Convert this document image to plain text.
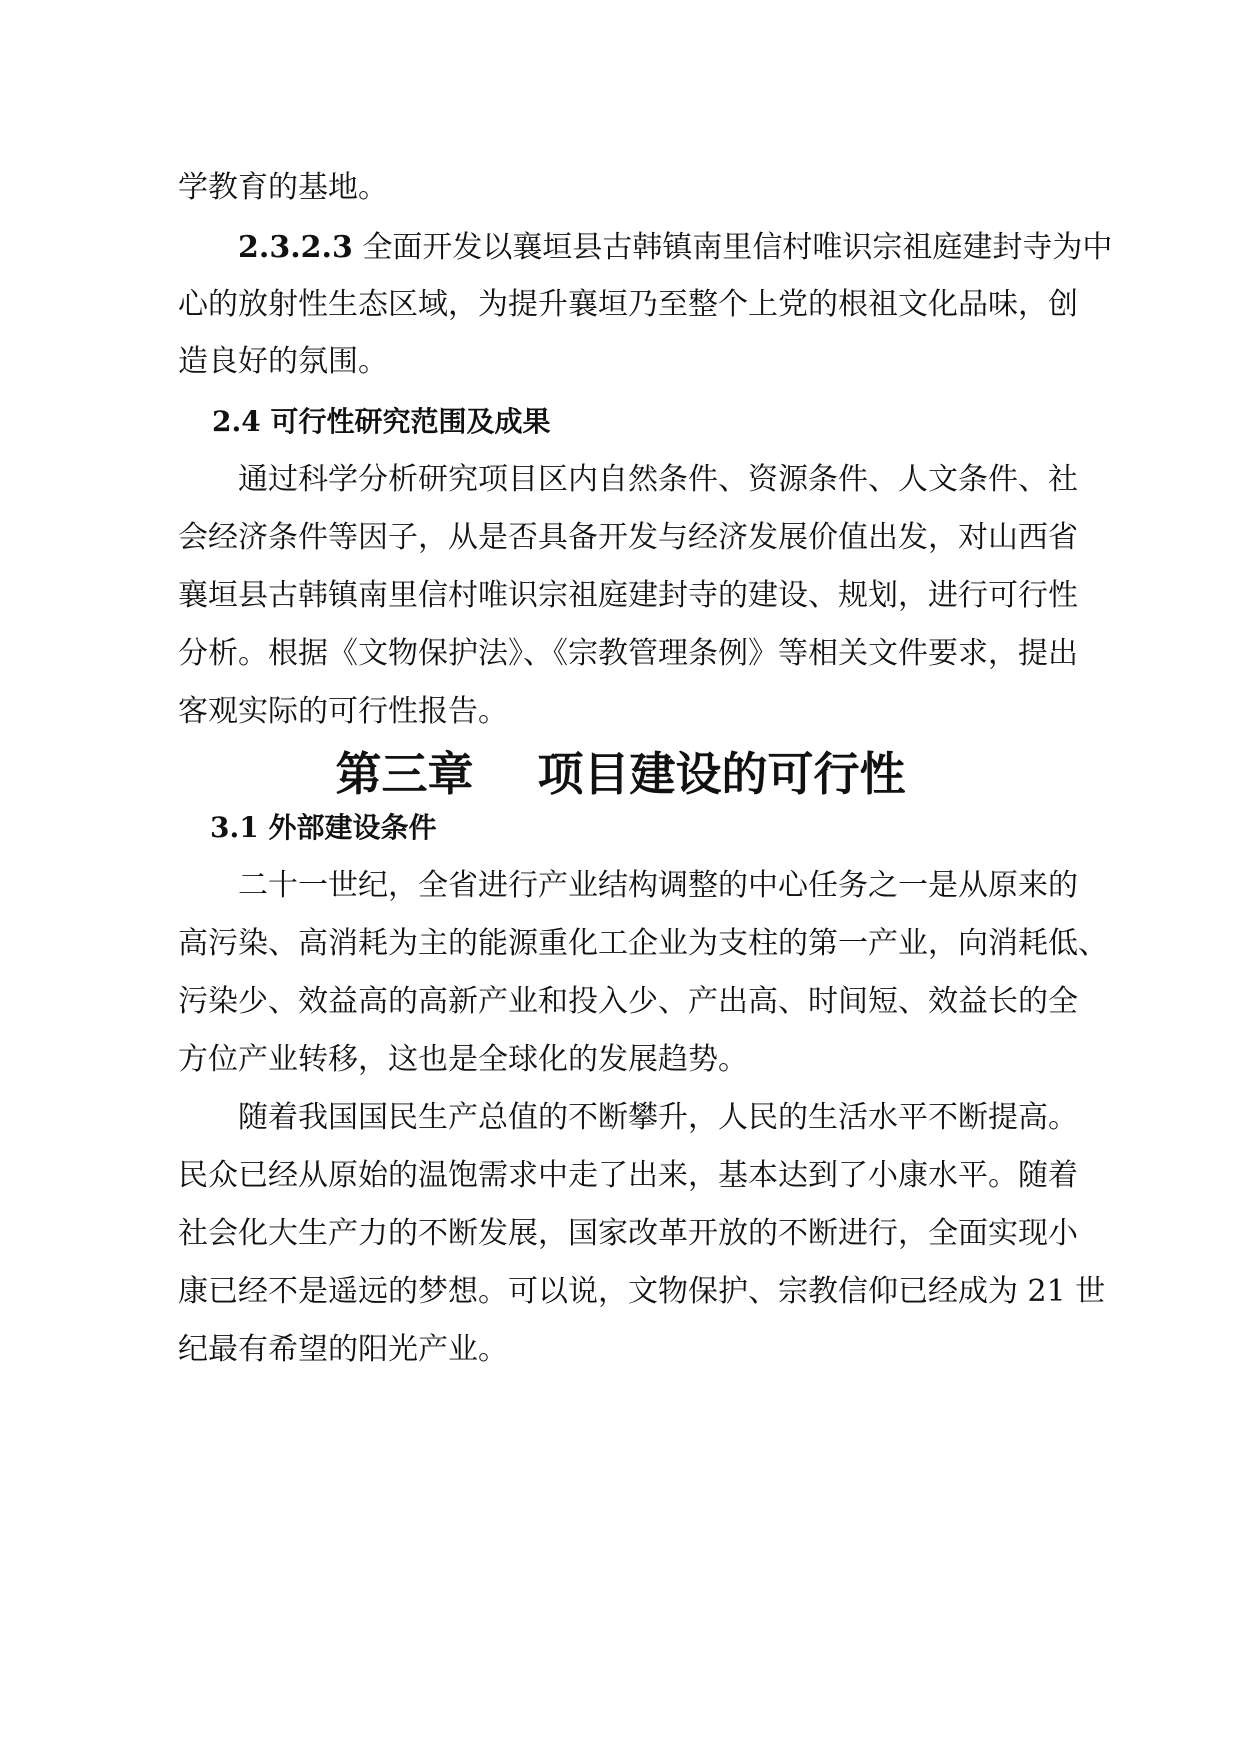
学教育的基地。
2.3.2.3 全面开发以襄垣县古韩镇南里信村唯识宗祖庭建封寺为中
心的放射性生态区域，为提升襄垣乃至整个上党的根祖文化品味，创
造良好的氛围。
2.4 可行性研究范围及成果
通过科学分析研究项目区内自然条件、资源条件、人文条件、社
会经济条件等因子，从是否具备开发与经济发展价值出发，对山西省
襄垣县古韩镇南里信村唯识宗祖庭建封寺的建设、规划，进行可行性
分析。根据《文物保护法》、《宗教管理条例》等相关文件要求，提出
客观实际的可行性报告。
第三章    项目建设的可行性
3.1 外部建设条件
二十一世纪，全省进行产业结构调整的中心任务之一是从原来的
高污染、高消耗为主的能源重化工企业为支柱的第一产业，向消耗低、
污染少、效益高的高新产业和投入少、产出高、时间短、效益长的全
方位产业转移，这也是全球化的发展趋势。
随着我国国民生产总值的不断攀升，人民的生活水平不断提高。
民众已经从原始的温饱需求中走了出来，基本达到了小康水平。随着
社会化大生产力的不断发展，国家改革开放的不断进行，全面实现小
康已经不是遥远的梦想。可以说，文物保护、宗教信仰已经成为 21 世
纪最有希望的阳光产业。
